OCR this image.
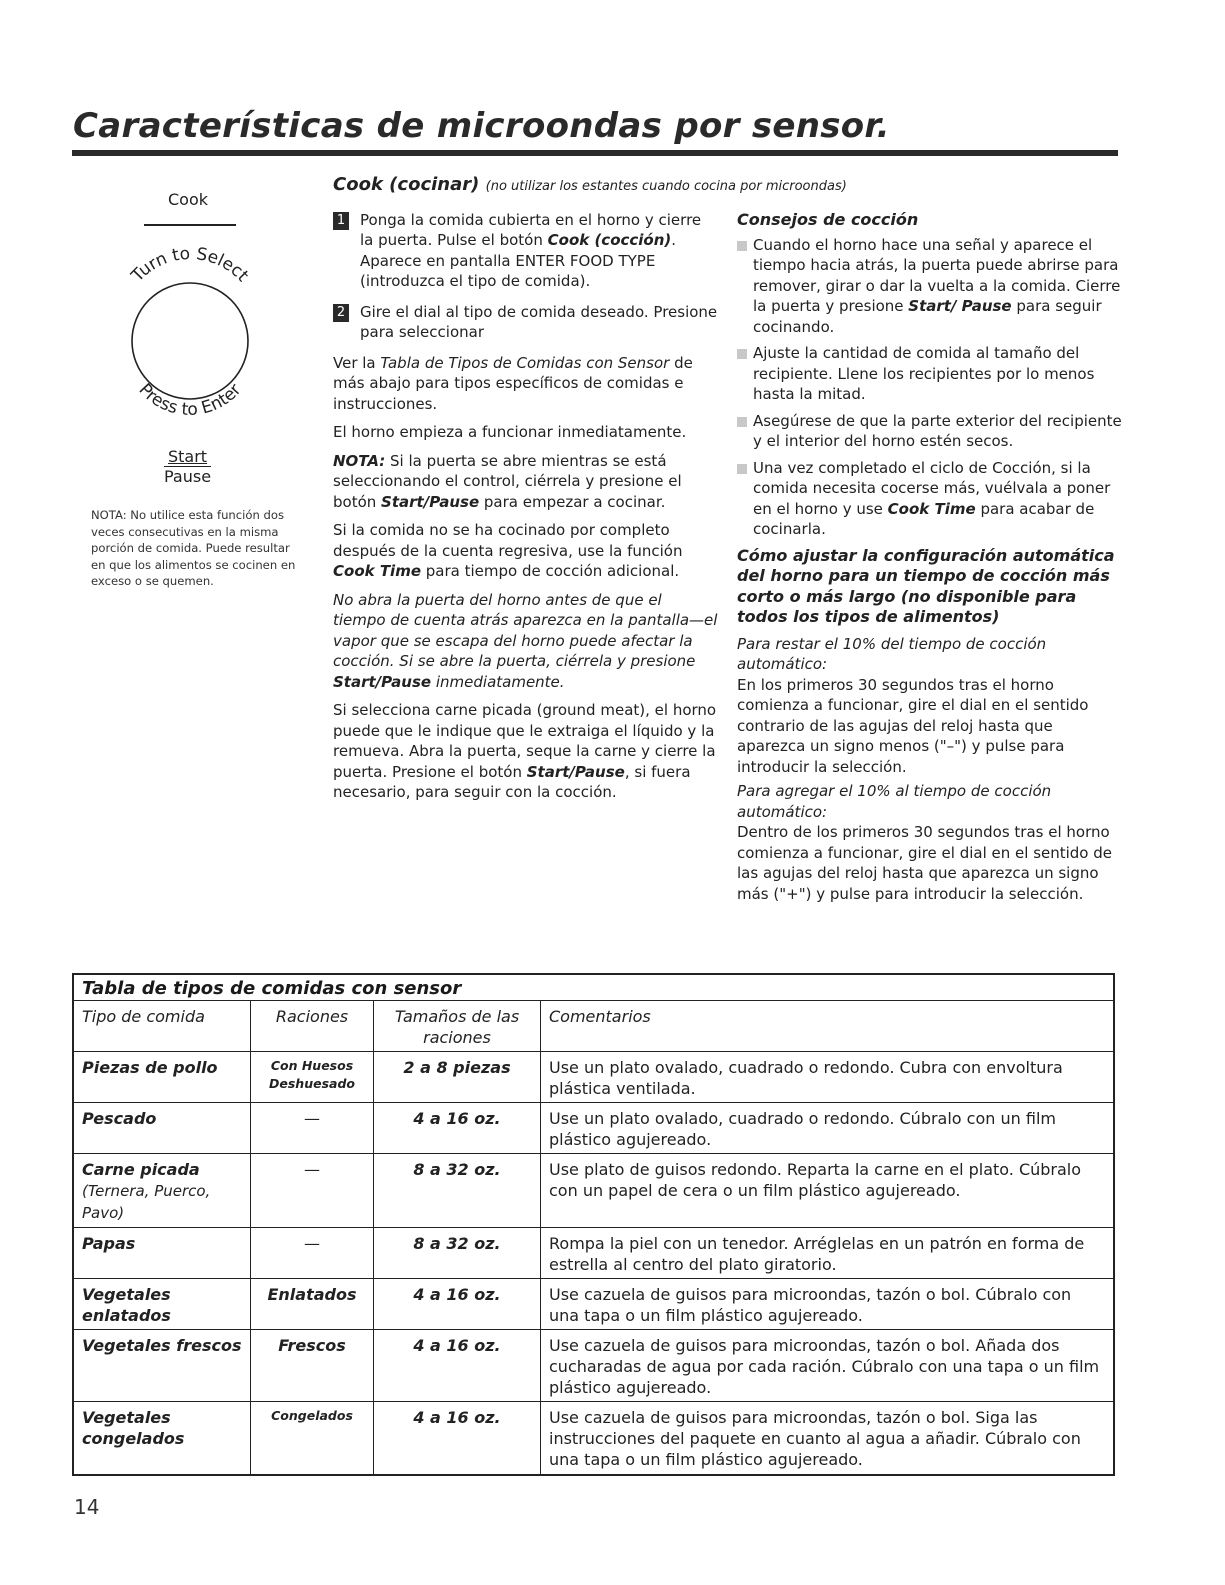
Características de microondas por sensor.
Cook
Turn to Select
Press to Enter
Start
Pause
NOTA: No utilice esta función dos veces consecutivas en la misma porción de comida. Puede resultar en que los alimentos se cocinen en exceso o se quemen.
Cook (cocinar) (no utilizar los estantes cuando cocina por microondas)
1 Ponga la comida cubierta en el horno y cierre la puerta. Pulse el botón Cook (cocción). Aparece en pantalla ENTER FOOD TYPE (introduzca el tipo de comida).
2 Gire el dial al tipo de comida deseado. Presione para seleccionar

Ver la Tabla de Tipos de Comidas con Sensor de más abajo para tipos específicos de comidas e instrucciones.

El horno empieza a funcionar inmediatamente.

NOTA: Si la puerta se abre mientras se está seleccionando el control, ciérrela y presione el botón Start/Pause para empezar a cocinar.

Si la comida no se ha cocinado por completo después de la cuenta regresiva, use la función Cook Time para tiempo de cocción adicional.

No abra la puerta del horno antes de que el tiempo de cuenta atrás aparezca en la pantalla—el vapor que se escapa del horno puede afectar la cocción. Si se abre la puerta, ciérrela y presione Start/Pause inmediatamente.

Si selecciona carne picada (ground meat), el horno puede que le indique que le extraiga el líquido y la remueva. Abra la puerta, seque la carne y cierre la puerta. Presione el botón Start/Pause, si fuera necesario, para seguir con la cocción.

Consejos de cocción
Cuando el horno hace una señal y aparece el tiempo hacia atrás, la puerta puede abrirse para remover, girar o dar la vuelta a la comida. Cierre la puerta y presione Start/ Pause para seguir cocinando.
Ajuste la cantidad de comida al tamaño del recipiente. Llene los recipientes por lo menos hasta la mitad.
Asegúrese de que la parte exterior del recipiente y el interior del horno estén secos.
Una vez completado el ciclo de Cocción, si la comida necesita cocerse más, vuélvala a poner en el horno y use Cook Time para acabar de cocinarla.
Cómo ajustar la configuración automática del horno para un tiempo de cocción más corto o más largo (no disponible para todos los tipos de alimentos)

Para restar el 10% del tiempo de cocción automático:

En los primeros 30 segundos tras el horno comienza a funcionar, gire el dial en el sentido contrario de las agujas del reloj hasta que aparezca un signo menos ("–") y pulse para introducir la selección.

Para agregar el 10% al tiempo de cocción automático:

Dentro de los primeros 30 segundos tras el horno comienza a funcionar, gire el dial en el sentido de las agujas del reloj hasta que aparezca un signo más ("+") y pulse para introducir la selección.

Tabla de tipos de comidas con sensor
Tipo de comida	Raciones	Tamaños de las raciones	Comentarios
Piezas de pollo	Con Huesos Deshuesado	2 a 8 piezas	Use un plato ovalado, cuadrado o redondo. Cubra con envoltura plástica ventilada.
Pescado	—	4 a 16 oz.	Use un plato ovalado, cuadrado o redondo. Cúbralo con un film plástico agujereado.
Carne picada
(Ternera, Puerco, Pavo)	—	8 a 32 oz.	Use plato de guisos redondo. Reparta la carne en el plato. Cúbralo con un papel de cera o un film plástico agujereado.
Papas	—	8 a 32 oz.	Rompa la piel con un tenedor. Arréglelas en un patrón en forma de estrella al centro del plato giratorio.
Vegetales enlatados	Enlatados	4 a 16 oz.	Use cazuela de guisos para microondas, tazón o bol. Cúbralo con una tapa o un film plástico agujereado.
Vegetales frescos	Frescos	4 a 16 oz.	Use cazuela de guisos para microondas, tazón o bol. Añada dos cucharadas de agua por cada ración. Cúbralo con una tapa o un film plástico agujereado.
Vegetales congelados	Congelados	4 a 16 oz.	Use cazuela de guisos para microondas, tazón o bol. Siga las instrucciones del paquete en cuanto al agua a añadir. Cúbralo con una tapa o un film plástico agujereado.
14
